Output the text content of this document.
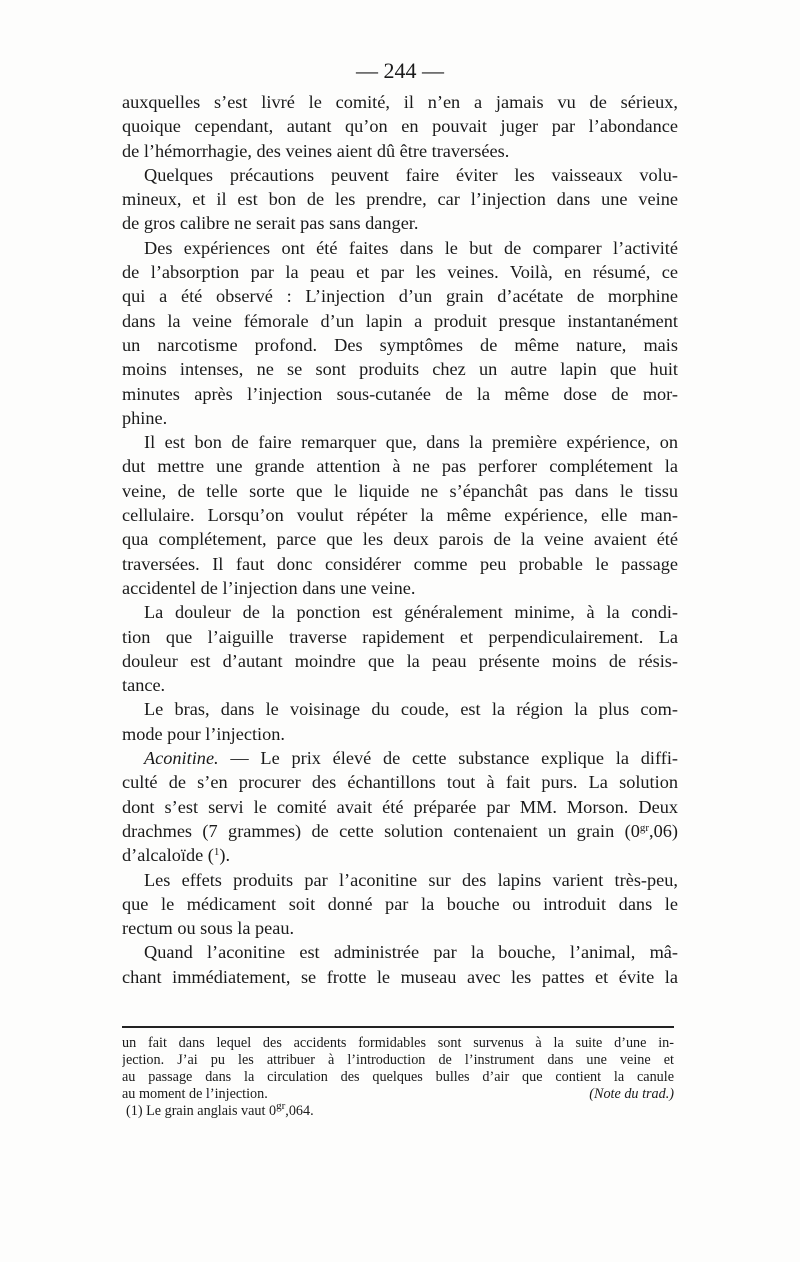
— 244 —
auxquelles s’est livré le comité, il n’en a jamais vu de sérieux,
quoique cependant, autant qu’on en pouvait juger par l’abondance
de l’hémorrhagie, des veines aient dû être traversées.
Quelques précautions peuvent faire éviter les vaisseaux volu-
mineux, et il est bon de les prendre, car l’injection dans une veine
de gros calibre ne serait pas sans danger.
Des expériences ont été faites dans le but de comparer l’activité
de l’absorption par la peau et par les veines. Voilà, en résumé, ce
qui a été observé : L’injection d’un grain d’acétate de morphine
dans la veine fémorale d’un lapin a produit presque instantanément
un narcotisme profond. Des symptômes de même nature, mais
moins intenses, ne se sont produits chez un autre lapin que huit
minutes après l’injection sous-cutanée de la même dose de mor-
phine.
Il est bon de faire remarquer que, dans la première expérience, on
dut mettre une grande attention à ne pas perforer complétement la
veine, de telle sorte que le liquide ne s’épanchât pas dans le tissu
cellulaire. Lorsqu’on voulut répéter la même expérience, elle man-
qua complétement, parce que les deux parois de la veine avaient été
traversées. Il faut donc considérer comme peu probable le passage
accidentel de l’injection dans une veine.
La douleur de la ponction est généralement minime, à la condi-
tion que l’aiguille traverse rapidement et perpendiculairement. La
douleur est d’autant moindre que la peau présente moins de résis-
tance.
Le bras, dans le voisinage du coude, est la région la plus com-
mode pour l’injection.
Aconitine. — Le prix élevé de cette substance explique la diffi-
culté de s’en procurer des échantillons tout à fait purs. La solution
dont s’est servi le comité avait été préparée par MM. Morson. Deux
drachmes (7 grammes) de cette solution contenaient un grain $(0^{gr},06)$
d’alcaloïde ($^1$).
Les effets produits par l’aconitine sur des lapins varient très-peu,
que le médicament soit donné par la bouche ou introduit dans le
rectum ou sous la peau.
Quand l’aconitine est administrée par la bouche, l’animal, mâ-
chant immédiatement, se frotte le museau avec les pattes et évite la
un fait dans lequel des accidents formidables sont survenus à la suite d’une in-
jection. J’ai pu les attribuer à l’introduction de l’instrument dans une veine et
au passage dans la circulation des quelques bulles d’air que contient la canule
au moment de l’injection.	(Note du trad.)
(1) Le grain anglais vaut $0^{gr},064$.
